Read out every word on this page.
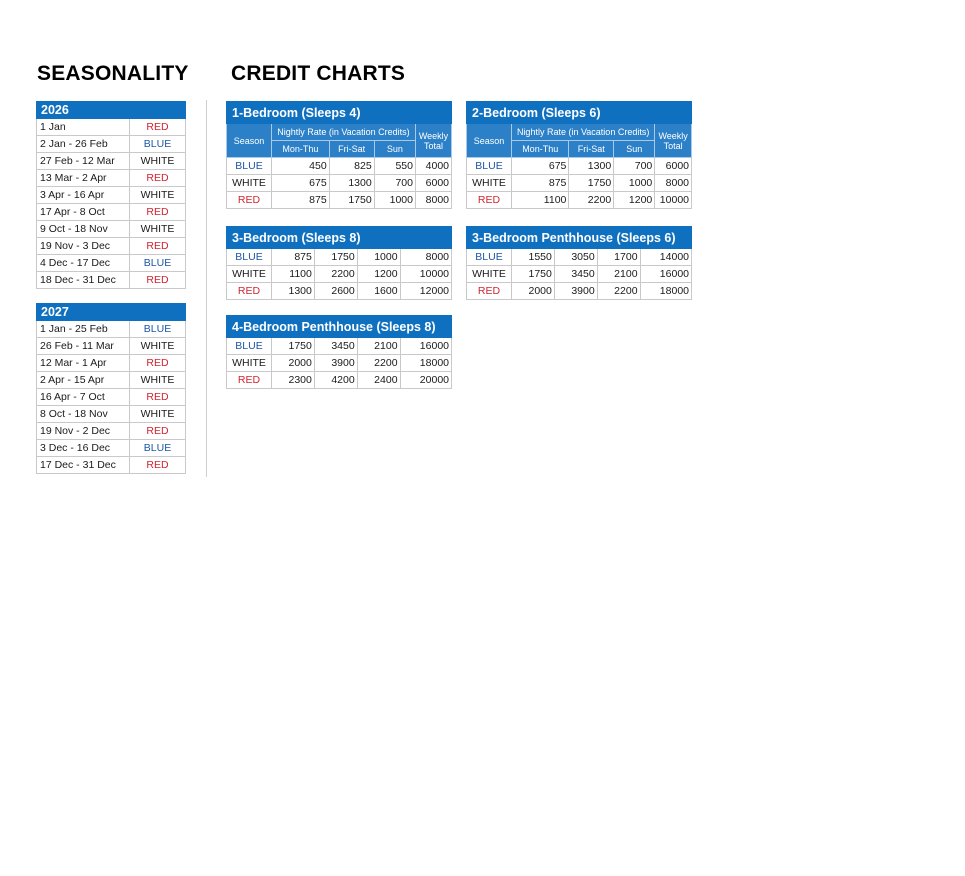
SEASONALITY CREDIT CHARTS
2026	
1 Jan	RED
2 Jan - 26 Feb	BLUE
27 Feb - 12 Mar	WHITE
13 Mar - 2 Apr	RED
3 Apr - 16 Apr	WHITE
17 Apr - 8 Oct	RED
9 Oct - 18 Nov	WHITE
19 Nov - 3 Dec	RED
4 Dec - 17 Dec	BLUE
18 Dec - 31 Dec	RED
2027	
1 Jan - 25 Feb	BLUE
26 Feb - 11 Mar	WHITE
12 Mar - 1 Apr	RED
2 Apr - 15 Apr	WHITE
16 Apr - 7 Oct	RED
8 Oct - 18 Nov	WHITE
19 Nov - 2 Dec	RED
3 Dec - 16 Dec	BLUE
17 Dec - 31 Dec	RED
1-Bedroom (Sleeps 4)				
Season	Nightly Rate (in Vacation Credits)			Weekly
Total

	Mon-Thu	Fri-Sat	Sun	
BLUE	450	825	550	4000
WHITE	675	1300	700	6000
RED	875	1750	1000	8000
2-Bedroom (Sleeps 6)				
Season	Nightly Rate (in Vacation Credits)			Weekly
Total

	Mon-Thu	Fri-Sat	Sun	
BLUE	675	1300	700	6000
WHITE	875	1750	1000	8000
RED	1100	2200	1200	10000
3-Bedroom (Sleeps 8)				
BLUE	875	1750	1000	8000
WHITE	1100	2200	1200	10000
RED	1300	2600	1600	12000
3-Bedroom Penthhouse (Sleeps 6)				
BLUE	1550	3050	1700	14000
WHITE	1750	3450	2100	16000
RED	2000	3900	2200	18000
4-Bedroom Penthhouse (Sleeps 8)				
BLUE	1750	3450	2100	16000
WHITE	2000	3900	2200	18000
RED	2300	4200	2400	20000
